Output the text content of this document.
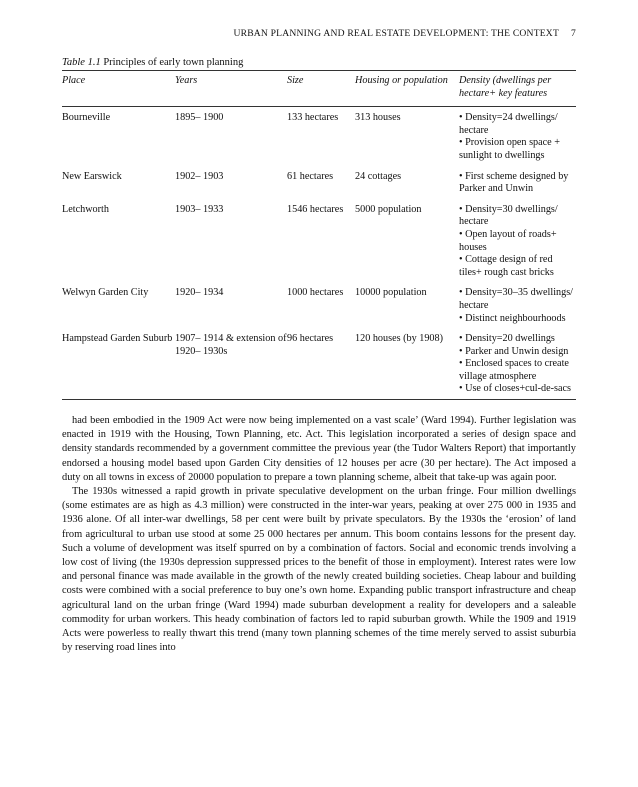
URBAN PLANNING AND REAL ESTATE DEVELOPMENT: THE CONTEXT 7
Table 1.1 Principles of early town planning
Place	Years	Size	Housing or population	Density (dwellings per hectare+ key features
Bourneville	1895– 1900	133 hectares	313 houses	• Density=24 dwellings/ hectare
• Provision open space + sunlight to dwellings

New Earswick	1902– 1903	61 hectares	24 cottages	• First scheme designed by Parker and Unwin

Letchworth	1903– 1933	1546 hectares	5000 population	• Density=30 dwellings/ hectare
• Open layout of roads+ houses
• Cottage design of red tiles+ rough cast bricks

Welwyn Garden City	1920– 1934	1000 hectares	10000 population	• Density=30–35 dwellings/ hectare
• Distinct neighbourhoods

Hampstead Garden Suburb	1907– 1914 & extension of 1920– 1930s	96 hectares	120 houses (by 1908)	• Density=20 dwellings
• Parker and Unwin design
• Enclosed spaces to create village atmosphere
• Use of closes+cul-de-sacs

had been embodied in the 1909 Act were now being implemented on a vast scale’ (Ward 1994). Further legislation was enacted in 1919 with the Housing, Town Planning, etc. Act. This legislation incorporated a series of design space and density standards recommended by a government committee the previous year (the Tudor Walters Report) that importantly endorsed a housing model based upon Garden City densities of 12 houses per acre (30 per hectare). The Act imposed a duty on all towns in excess of 20000 population to prepare a town planning scheme, albeit that take-up was again poor.

The 1930s witnessed a rapid growth in private speculative development on the urban fringe. Four million dwellings (some estimates are as high as 4.3 million) were constructed in the inter-war years, peaking at over 275 000 in 1935 and 1936 alone. Of all inter-war dwellings, 58 per cent were built by private speculators. By the 1930s the ‘erosion’ of land from agricultural to urban use stood at some 25 000 hectares per annum. This boom contains lessons for the present day. Such a volume of development was itself spurred on by a combination of factors. Social and economic trends involving a low cost of living (the 1930s depression suppressed prices to the benefit of those in employment). Interest rates were low and personal finance was made available in the growth of the newly created building societies. Cheap labour and building costs were combined with a social preference to buy one’s own home. Expanding public transport infrastructure and cheap agricultural land on the urban fringe (Ward 1994) made suburban development a reality for developers and a saleable commodity for urban workers. This heady combination of factors led to rapid suburban growth. While the 1909 and 1919 Acts were powerless to really thwart this trend (many town planning schemes of the time merely served to assist suburbia by reserving road lines into
